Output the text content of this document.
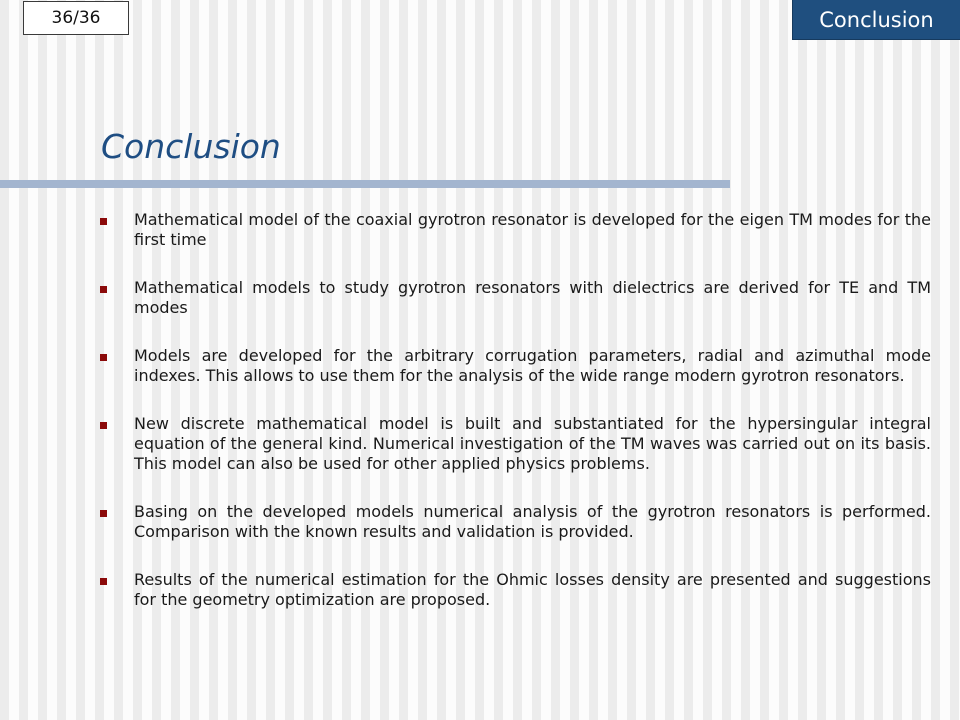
36/36	Conclusion
Conclusion
Mathematical model of the coaxial gyrotron resonator is developed for the eigen TM modes for the first time
Mathematical models to study gyrotron resonators with dielectrics are derived for TE and TM modes
Models are developed for the arbitrary corrugation parameters, radial and azimuthal mode indexes. This allows to use them for the analysis of the wide range modern gyrotron resonators.
New discrete mathematical model is built and substantiated for the hypersingular integral equation of the general kind. Numerical investigation of the TM waves was carried out on its basis. This model can also be used for other applied physics problems.
Basing on the developed models numerical analysis of the gyrotron resonators is performed. Comparison with the known results and validation is provided.
Results of the numerical estimation for the Ohmic losses density are presented and suggestions for the geometry optimization are proposed.
